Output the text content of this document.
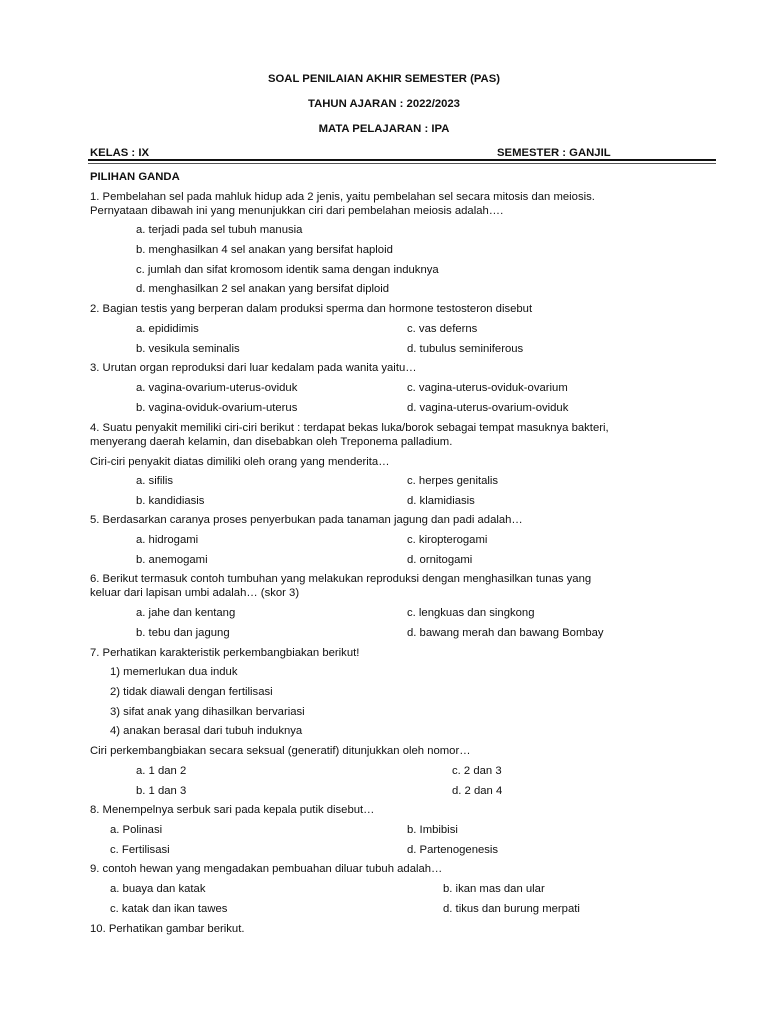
SOAL PENILAIAN AKHIR SEMESTER (PAS)
TAHUN AJARAN : 2022/2023
MATA PELAJARAN : IPA
KELAS : IX	SEMESTER : GANJIL
PILIHAN GANDA
1. Pembelahan sel pada mahluk hidup ada 2 jenis, yaitu pembelahan sel secara mitosis dan meiosis.
Pernyataan dibawah ini yang menunjukkan ciri dari pembelahan meiosis adalah….
a. terjadi pada sel tubuh manusia
b. menghasilkan 4 sel anakan yang bersifat haploid
c. jumlah dan sifat kromosom identik sama dengan induknya
d. menghasilkan 2 sel anakan yang bersifat diploid
2. Bagian testis yang berperan dalam produksi sperma dan hormone testosteron disebut
a. epididimis	c. vas deferns
b. vesikula seminalis	d. tubulus seminiferous
3. Urutan organ reproduksi dari luar kedalam pada wanita yaitu…
a. vagina-ovarium-uterus-oviduk	c. vagina-uterus-oviduk-ovarium
b. vagina-oviduk-ovarium-uterus	d. vagina-uterus-ovarium-oviduk
4. Suatu penyakit memiliki ciri-ciri berikut : terdapat bekas luka/borok sebagai tempat masuknya bakteri,
menyerang daerah kelamin, dan disebabkan oleh Treponema palladium.
Ciri-ciri penyakit diatas dimiliki oleh orang yang menderita…
a. sifilis	c. herpes genitalis
b. kandidiasis	d. klamidiasis
5. Berdasarkan caranya proses penyerbukan pada tanaman jagung dan padi adalah…
a. hidrogami	c. kiropterogami
b. anemogami	d. ornitogami
6. Berikut termasuk contoh tumbuhan yang melakukan reproduksi dengan menghasilkan tunas yang
keluar dari lapisan umbi adalah… (skor 3)
a. jahe dan kentang	c. lengkuas dan singkong
b. tebu dan jagung	d. bawang merah dan bawang Bombay
7. Perhatikan karakteristik perkembangbiakan berikut!
1) memerlukan dua induk
2) tidak diawali dengan fertilisasi
3) sifat anak yang dihasilkan bervariasi
4) anakan berasal dari tubuh induknya
Ciri perkembangbiakan secara seksual (generatif) ditunjukkan oleh nomor…
a. 1 dan 2	c. 2 dan 3
b. 1 dan 3	d. 2 dan 4
8. Menempelnya serbuk sari pada kepala putik disebut…
a. Polinasi	b. Imbibisi
c. Fertilisasi	d. Partenogenesis
9. contoh hewan yang mengadakan pembuahan diluar tubuh adalah…
a. buaya dan katak	b. ikan mas dan ular
c. katak dan ikan tawes	d. tikus dan burung merpati
10. Perhatikan gambar berikut.
